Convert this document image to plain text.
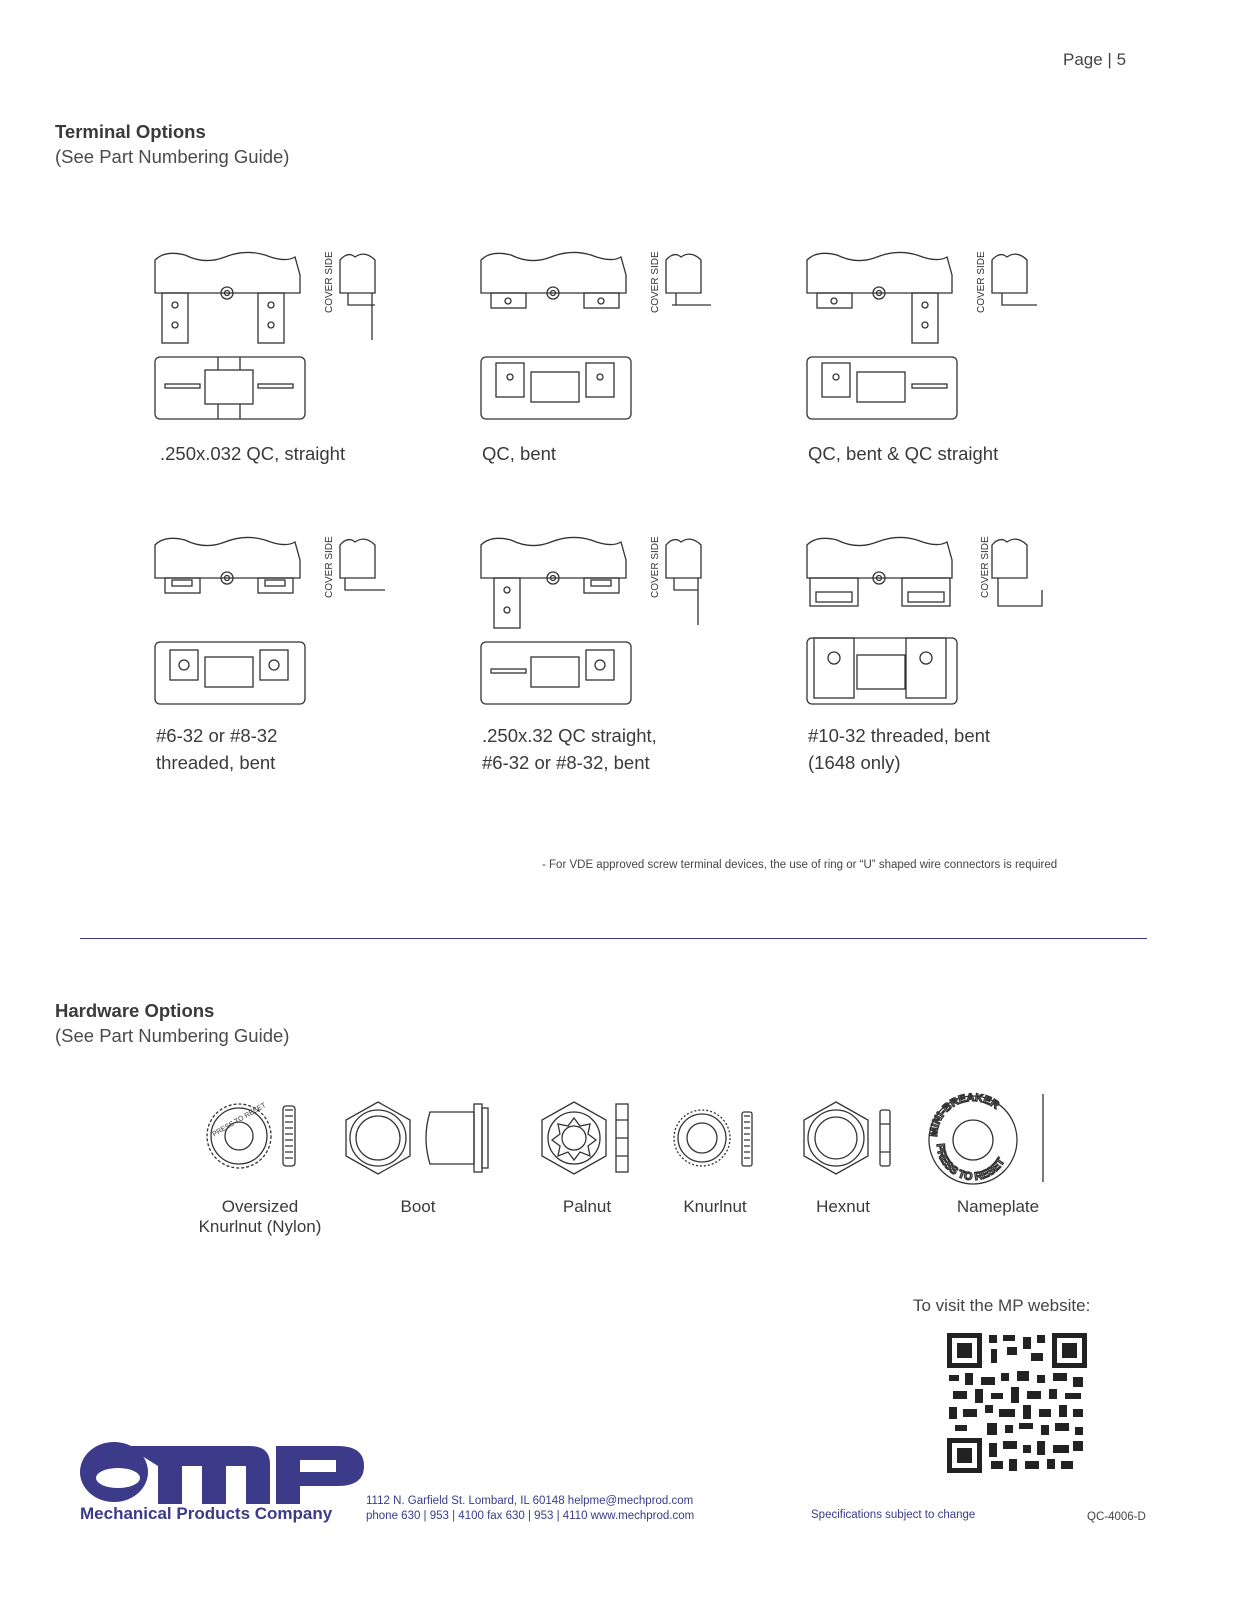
Page | 5
Terminal Options
(See Part Numbering Guide)
COVER SIDE
.250x.032 QC, straight
COVER SIDE
QC, bent
COVER SIDE
QC, bent & QC straight
COVER SIDE
#6-32 or #8-32
threaded, bent
COVER SIDE
.250x.32 QC straight,
#6-32 or #8-32, bent
COVER SIDE
#10-32 threaded, bent
(1648 only)
- For VDE approved screw terminal devices, the use of ring or “U” shaped wire connectors is required
Hardware Options
(See Part Numbering Guide)
PRESS TO RESET
Oversized
Knurlnut (Nylon)
Boot	Palnut	Knurlnut	Hexnut
MINI-BREAKER
PRESS TO RESET
Nameplate
To visit the MP website:
Mechanical Products Company
1112 N. Garfield St. Lombard, IL 60148 helpme@mechprod.com
phone 630 | 953 | 4100 fax 630 | 953 | 4110 www.mechprod.com	Specifications subject to change	QC-4006-D
